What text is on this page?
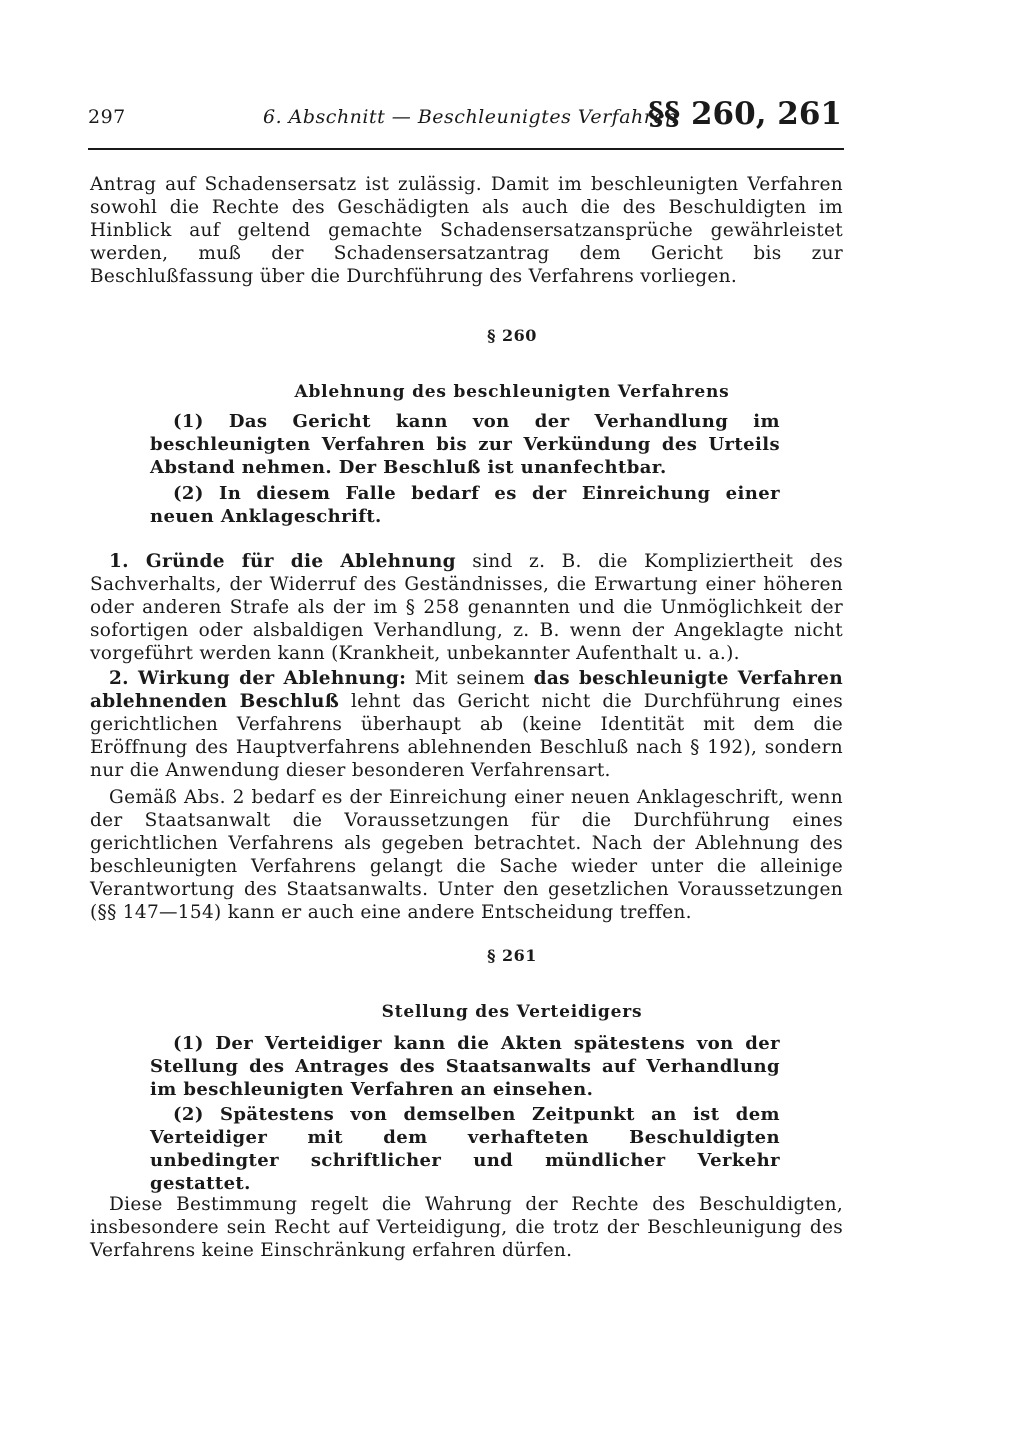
297	6. Abschnitt — Beschleunigtes Verfahren
§§ 260, 261

Antrag auf Schadensersatz ist zulässig. Damit im beschleunigten Verfahren sowohl die Rechte des Geschädigten als auch die des Beschuldigten im Hinblick auf geltend gemachte Schadensersatzansprüche gewährleistet werden, muß der Schadensersatzantrag dem Gericht bis zur Beschlußfassung über die Durchführung des Verfahrens vorliegen.

§ 260

Ablehnung des beschleunigten Verfahrens

(1) Das Gericht kann von der Verhandlung im beschleunigten Verfahren bis zur Verkündung des Urteils Abstand nehmen. Der Beschluß ist unanfechtbar.

(2) In diesem Falle bedarf es der Einreichung einer neuen Anklageschrift.

1. Gründe für die Ablehnung sind z. B. die Kompliziertheit des Sachverhalts, der Widerruf des Geständnisses, die Erwartung einer höheren oder anderen Strafe als der im § 258 genannten und die Unmöglichkeit der sofortigen oder alsbaldigen Verhandlung, z. B. wenn der Angeklagte nicht vorgeführt werden kann (Krankheit, unbekannter Aufenthalt u. a.).

2. Wirkung der Ablehnung: Mit seinem das beschleunigte Verfahren ablehnenden Beschluß lehnt das Gericht nicht die Durchführung eines gerichtlichen Verfahrens überhaupt ab (keine Identität mit dem die Eröffnung des Hauptverfahrens ablehnenden Beschluß nach § 192), sondern nur die Anwendung dieser besonderen Verfahrensart.

Gemäß Abs. 2 bedarf es der Einreichung einer neuen Anklageschrift, wenn der Staatsanwalt die Voraussetzungen für die Durchführung eines gerichtlichen Verfahrens als gegeben betrachtet. Nach der Ablehnung des beschleunigten Verfahrens gelangt die Sache wieder unter die alleinige Verantwortung des Staatsanwalts. Unter den gesetzlichen Voraussetzungen (§§ 147—154) kann er auch eine andere Entscheidung treffen.

§ 261

Stellung des Verteidigers

(1) Der Verteidiger kann die Akten spätestens von der Stellung des Antrages des Staatsanwalts auf Verhandlung im beschleunigten Verfahren an einsehen.

(2) Spätestens von demselben Zeitpunkt an ist dem Verteidiger mit dem verhafteten Beschuldigten unbedingter schriftlicher und mündlicher Verkehr gestattet.

Diese Bestimmung regelt die Wahrung der Rechte des Beschuldigten, insbesondere sein Recht auf Verteidigung, die trotz der Beschleunigung des Verfahrens keine Einschränkung erfahren dürfen.
